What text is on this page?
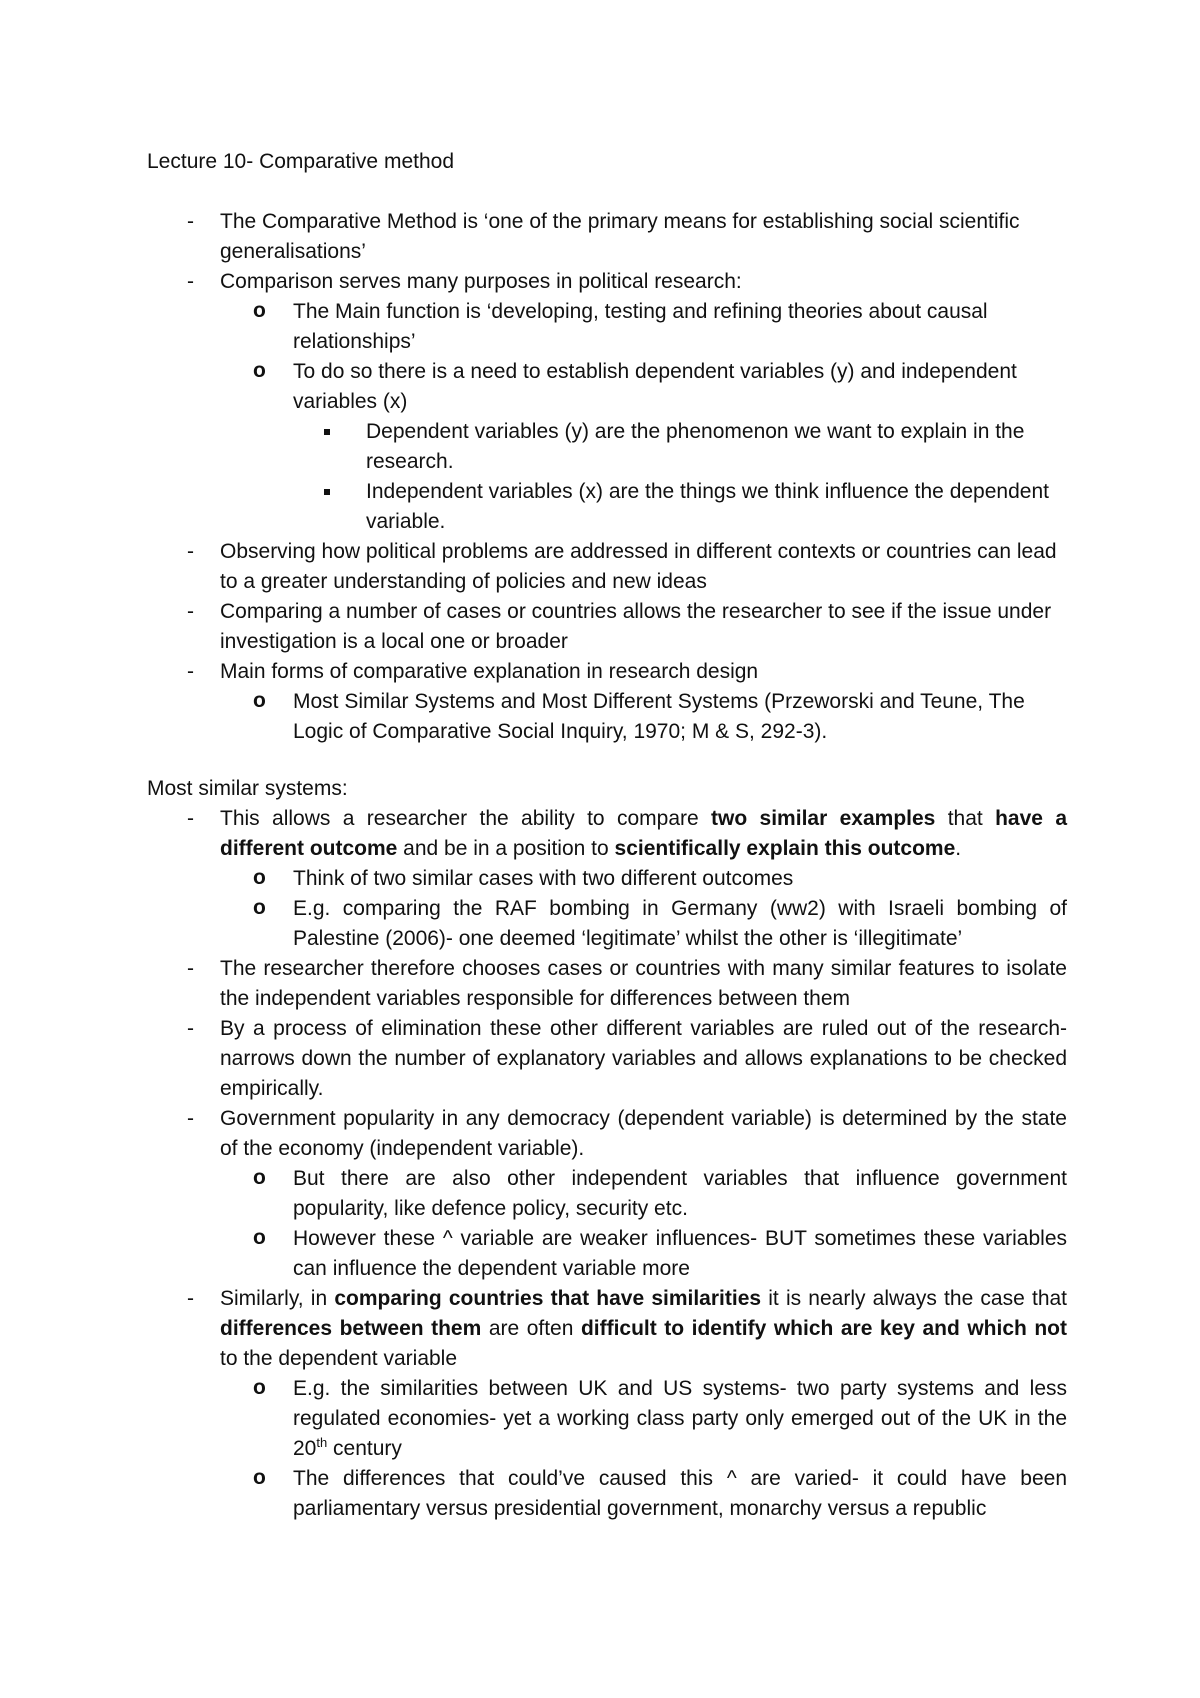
Lecture 10- Comparative method
- The Comparative Method is ‘one of the primary means for establishing social scientific generalisations’
- Comparison serves many purposes in political research:
o The Main function is ‘developing, testing and refining theories about causal relationships’
o To do so there is a need to establish dependent variables (y) and independent variables (x)
Dependent variables (y) are the phenomenon we want to explain in the research.
Independent variables (x) are the things we think influence the dependent variable.
- Observing how political problems are addressed in different contexts or countries can lead to a greater understanding of policies and new ideas
- Comparing a number of cases or countries allows the researcher to see if the issue under investigation is a local one or broader
- Main forms of comparative explanation in research design
o Most Similar Systems and Most Different Systems (Przeworski and Teune, The Logic of Comparative Social Inquiry, 1970; M & S, 292-3).
Most similar systems:
- This allows a researcher the ability to compare two similar examples that have a different outcome and be in a position to scientifically explain this outcome.
o Think of two similar cases with two different outcomes
o E.g. comparing the RAF bombing in Germany (ww2) with Israeli bombing of Palestine (2006)- one deemed ‘legitimate’ whilst the other is ‘illegitimate’
- The researcher therefore chooses cases or countries with many similar features to isolate the independent variables responsible for differences between them
- By a process of elimination these other different variables are ruled out of the research- narrows down the number of explanatory variables and allows explanations to be checked empirically.
- Government popularity in any democracy (dependent variable) is determined by the state of the economy (independent variable).
o But there are also other independent variables that influence government popularity, like defence policy, security etc.
o However these ^ variable are weaker influences- BUT sometimes these variables can influence the dependent variable more
- Similarly, in comparing countries that have similarities it is nearly always the case that differences between them are often difficult to identify which are key and which not to the dependent variable
o E.g. the similarities between UK and US systems- two party systems and less regulated economies- yet a working class party only emerged out of the UK in the 20th century
o The differences that could’ve caused this ^ are varied- it could have been parliamentary versus presidential government, monarchy versus a republic
